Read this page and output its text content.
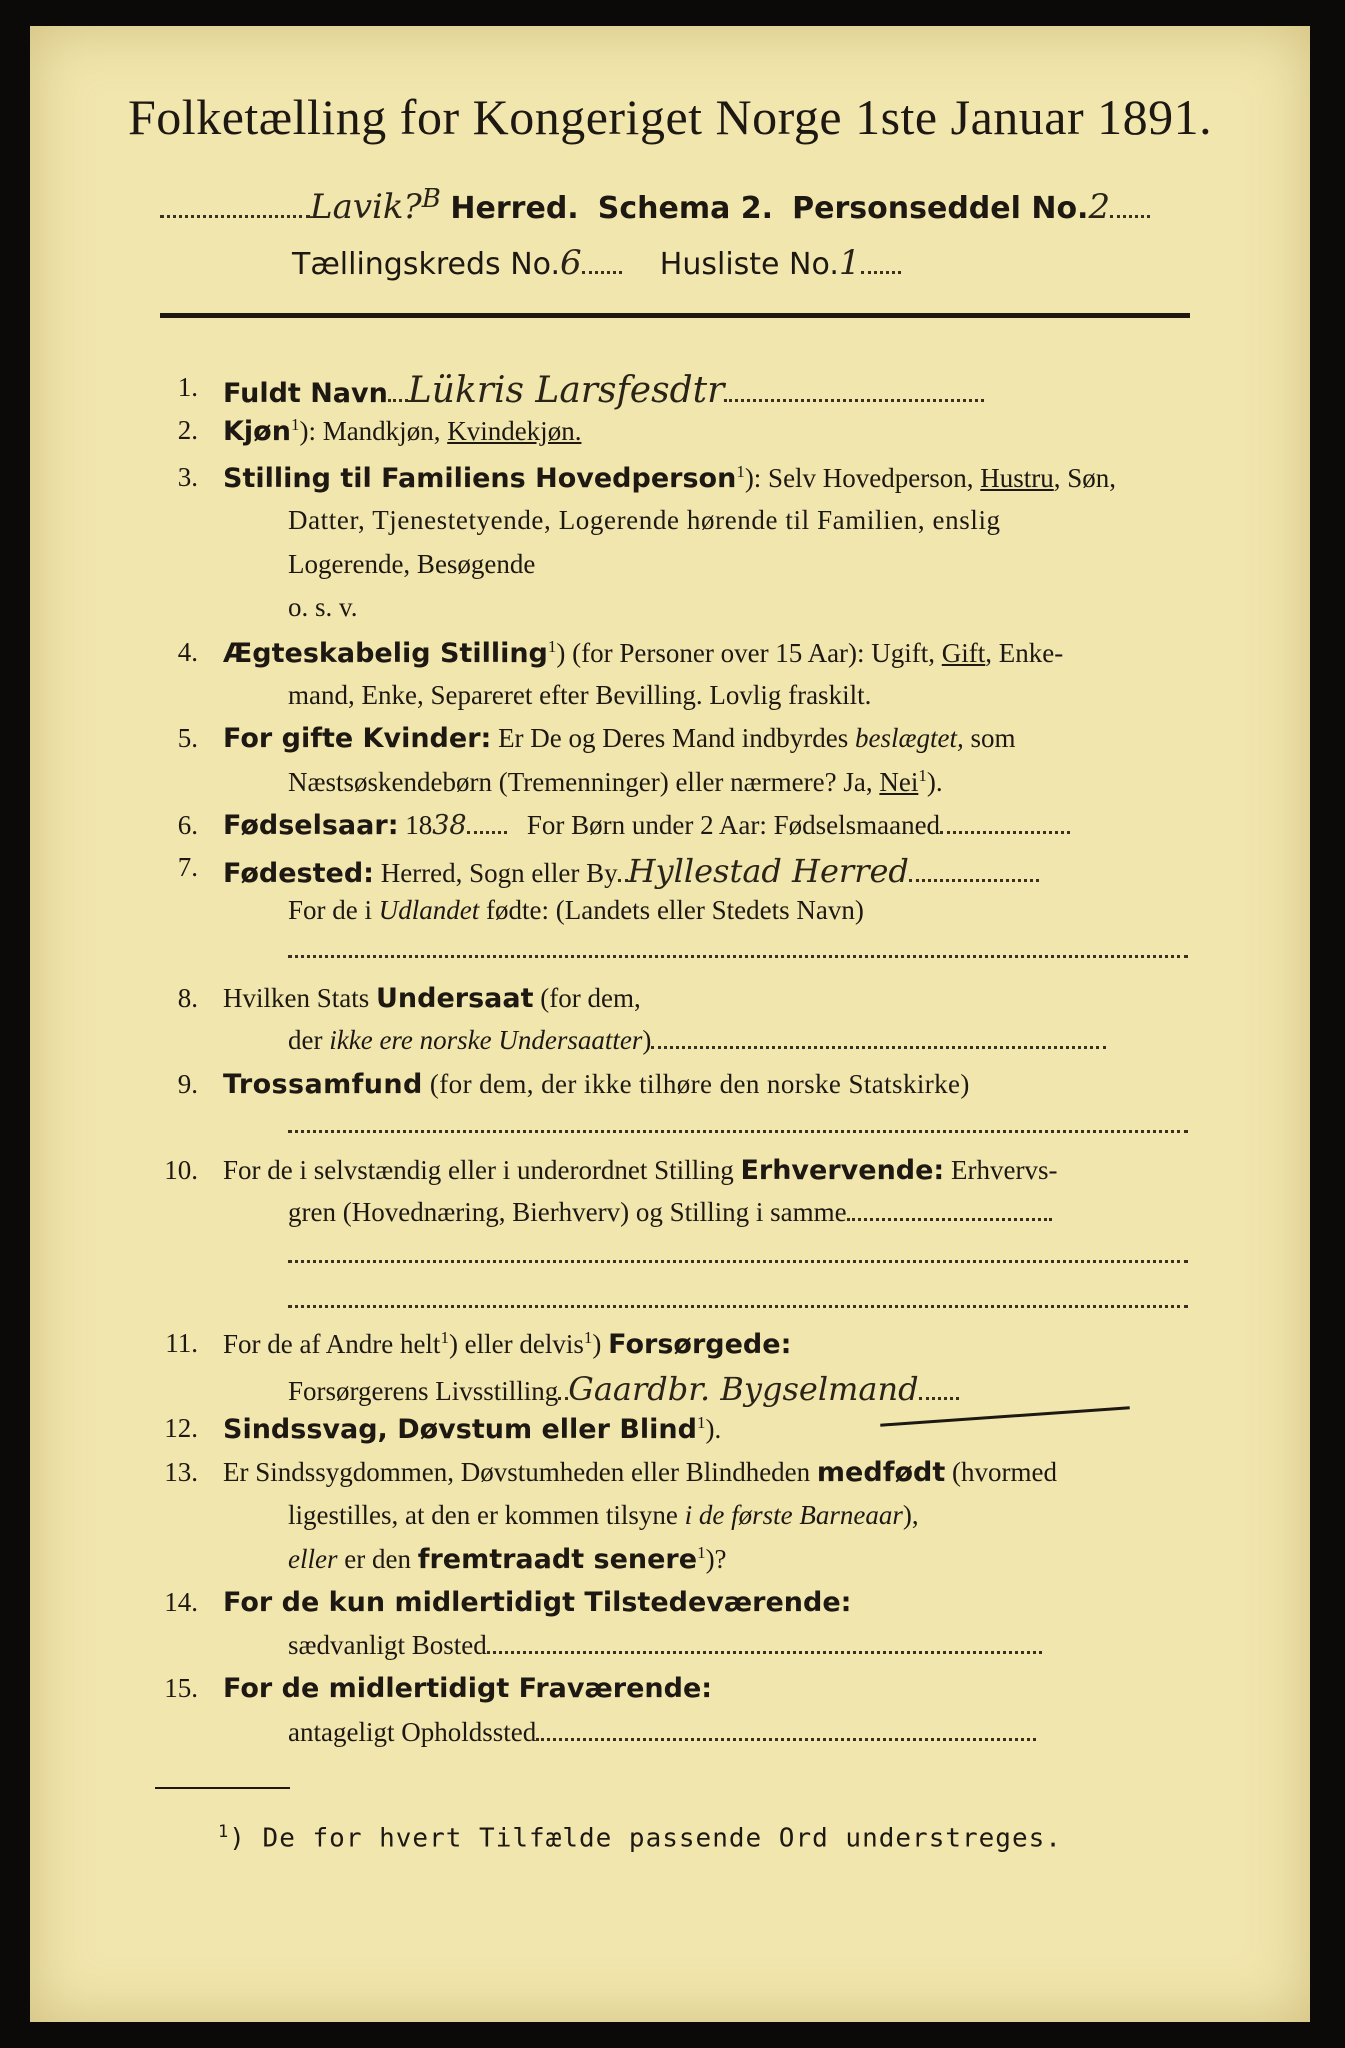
Folketælling for Kongeriget Norge 1ste Januar 1891.
Lavik?B Herred. Schema 2. Personseddel No.2
Tællingskreds No.6	Husliste No.1
1. Fuldt Navn Lükris Larsfesdtr
2. Kjøn$^1$): Mandkjøn, Kvindekjøn.
3. Stilling til Familiens Hovedperson$^1$): Selv Hovedperson, Hustru, Søn,
Datter, Tjenestetyende, Logerende hørende til Familien, enslig
Logerende, Besøgende
o. s. v.
4. Ægteskabelig Stilling$^1$) (for Personer over 15 Aar): Ugift, Gift, Enke-
mand, Enke, Separeret efter Bevilling. Lovlig fraskilt.
5. For gifte Kvinder: Er De og Deres Mand indbyrdes beslægtet, som
Næstsøskendebørn (Tremenninger) eller nærmere? Ja, Nei$^1$).
6. Fødselsaar: 1838 For Børn under 2 Aar: Fødselsmaaned
7. Fødested: Herred, Sogn eller By Hyllestad Herred
For de i Udlandet fødte: (Landets eller Stedets Navn)
8. Hvilken Stats Undersaat (for dem,
der ikke ere norske Undersaatter)
9. Trossamfund (for dem, der ikke tilhøre den norske Statskirke)
10. For de i selvstændig eller i underordnet Stilling Erhvervende: Erhvervs-
gren (Hovednæring, Bierhverv) og Stilling i samme
11. For de af Andre helt$^1$) eller delvis$^1$) Forsørgede:
Forsørgerens Livsstilling Gaardbr. Bygselmand
12. Sindssvag, Døvstum eller Blind$^1$).
13. Er Sindssygdommen, Døvstumheden eller Blindheden medfødt (hvormed
ligestilles, at den er kommen tilsyne i de første Barneaar),
eller er den fremtraadt senere$^1$)?
14. For de kun midlertidigt Tilstedeværende:
sædvanligt Bosted
15. For de midlertidigt Fraværende:
antageligt Opholdssted
$^1$) De for hvert Tilfælde passende Ord understreges.
